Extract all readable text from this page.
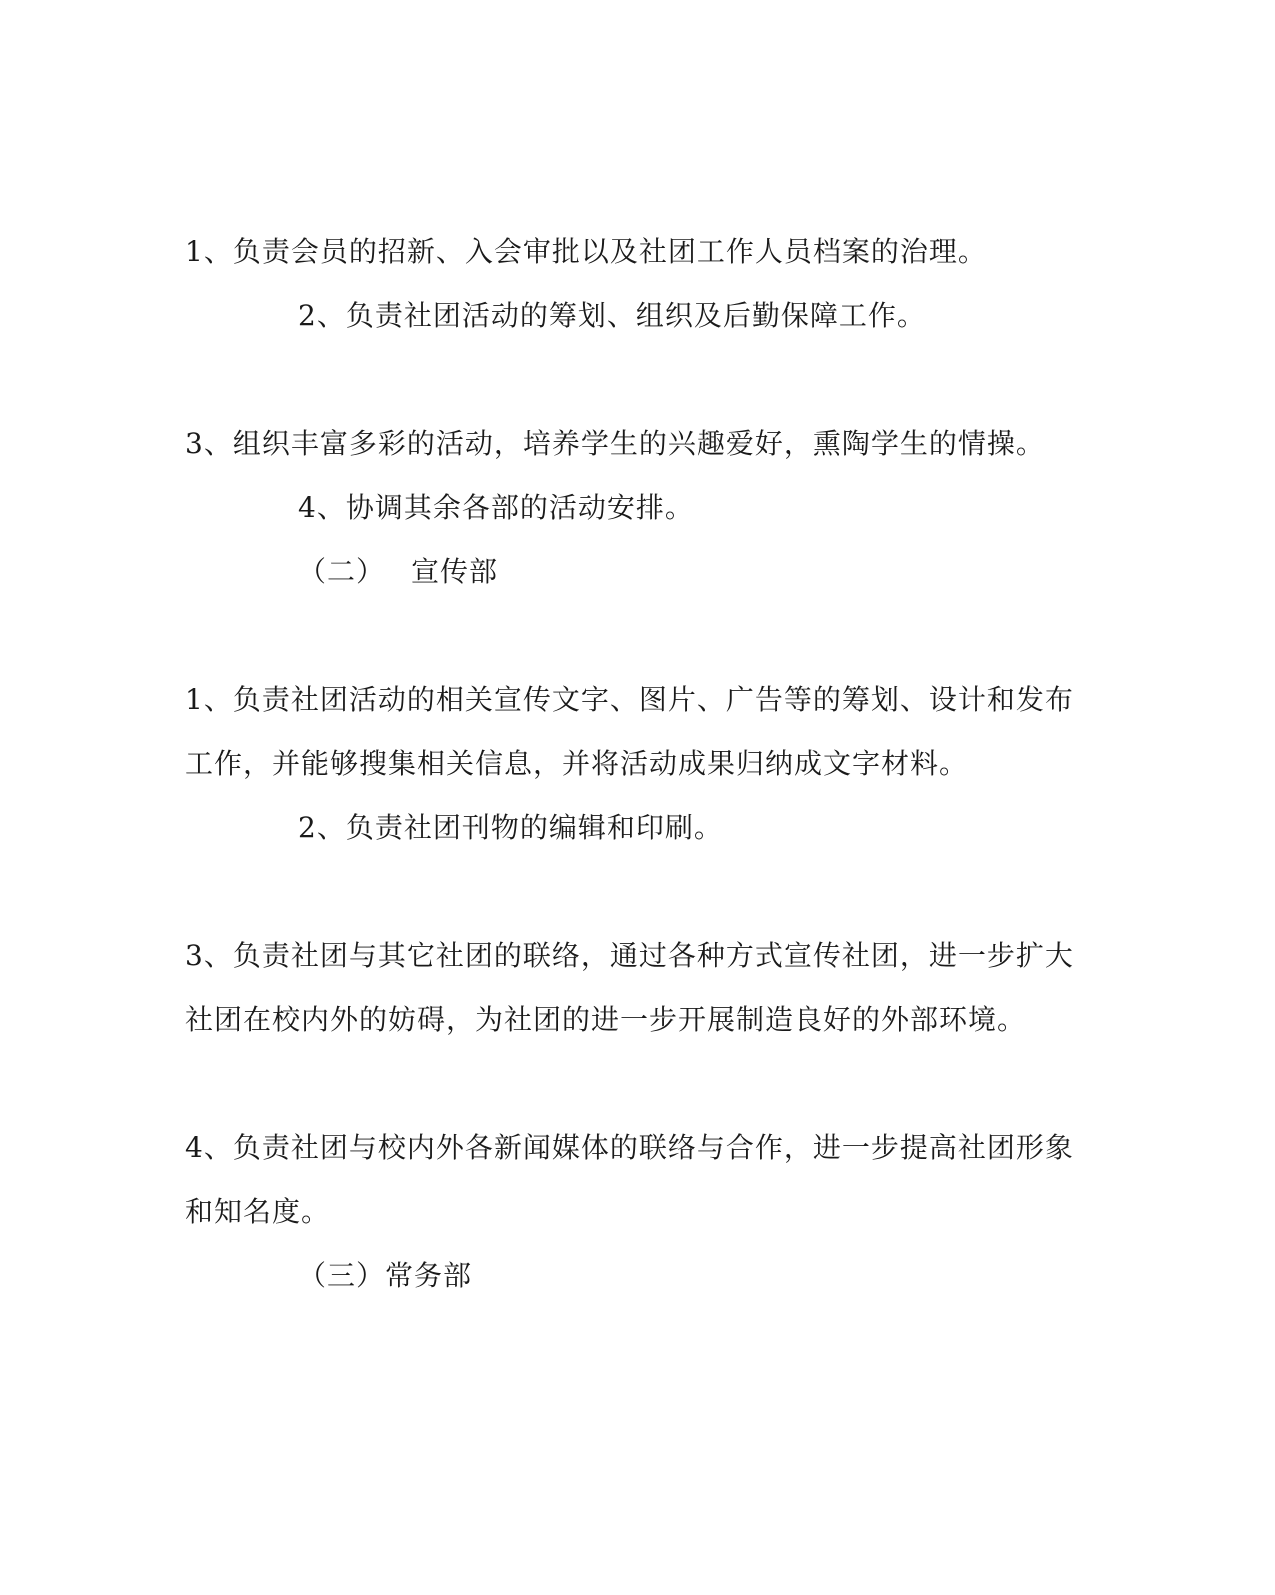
1、负责会员的招新、入会审批以及社团工作人员档案的治理。
2、负责社团活动的筹划、组织及后勤保障工作。
3、组织丰富多彩的活动，培养学生的兴趣爱好，熏陶学生的情操。
4、协调其余各部的活动安排。
（二） 宣传部
1、负责社团活动的相关宣传文字、图片、广告等的筹划、设计和发布
工作，并能够搜集相关信息，并将活动成果归纳成文字材料。
2、负责社团刊物的编辑和印刷。
3、负责社团与其它社团的联络，通过各种方式宣传社团，进一步扩大
社团在校内外的妨碍，为社团的进一步开展制造良好的外部环境。
4、负责社团与校内外各新闻媒体的联络与合作，进一步提高社团形象
和知名度。
（三）常务部
